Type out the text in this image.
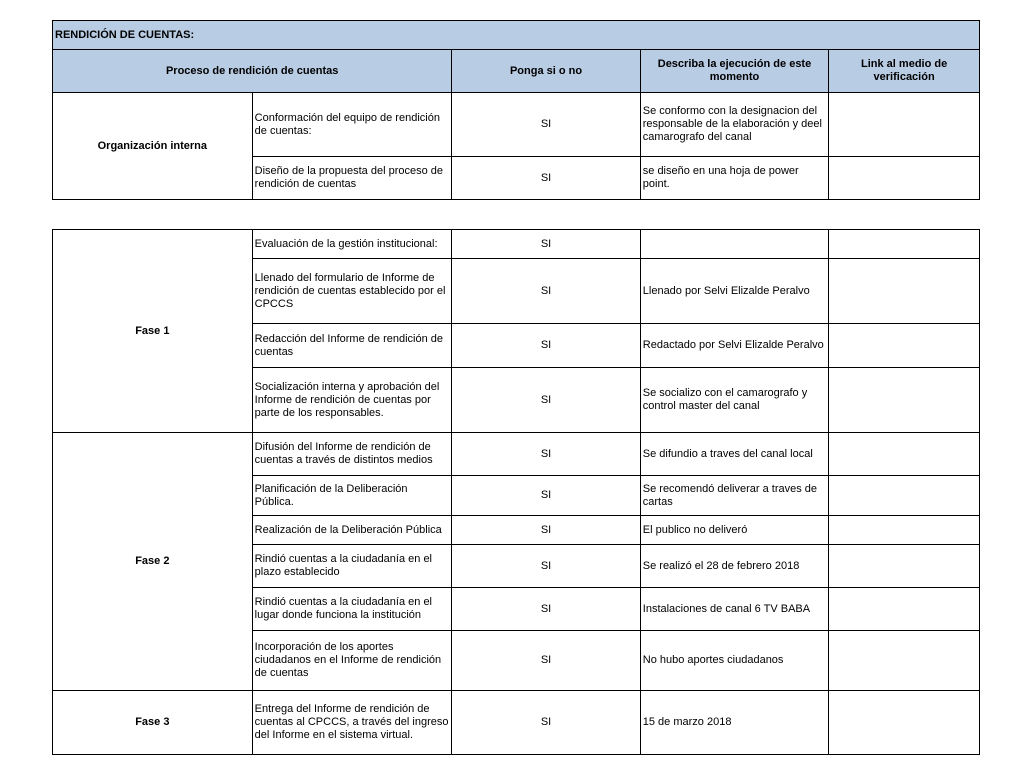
RENDICIÓN DE CUENTAS:				
Proceso de rendición de cuentas		Ponga si o no	Describa la ejecución de este momento	Link al medio de verificación
Organización interna	Conformación del equipo de rendición de cuentas:	SI	Se conformo con la designacion del responsable de la elaboración y deel camarografo del canal	
	Diseño de la propuesta del proceso de rendición de cuentas	SI	se diseño en una hoja de power point.	
Fase 1	Evaluación de la gestión institucional:	SI		
	Llenado del formulario de Informe de rendición de cuentas establecido por el CPCCS	SI	Llenado por Selvi Elizalde Peralvo	
	Redacción del Informe de rendición de cuentas	SI	Redactado por Selvi Elizalde Peralvo	
	Socialización interna y aprobación del Informe de rendición de cuentas por parte de los responsables.	SI	Se socializo con el camarografo y control master del canal	
Fase 2	Difusión del Informe de rendición de cuentas a través de distintos medios	SI	Se difundio a traves del canal local	
	Planificación de la Deliberación Pública.	SI	Se recomendó deliverar a traves de cartas	
	Realización de la Deliberación Pública	SI	El publico no deliveró	
	Rindió cuentas a la ciudadanía en el plazo establecido	SI	Se realizó el 28 de febrero 2018	
	Rindió cuentas a la ciudadanía en el lugar donde funciona la institución	SI	Instalaciones de canal 6 TV BABA	
	Incorporación de los aportes ciudadanos en el Informe de rendición de cuentas	SI	No hubo aportes ciudadanos	
Fase 3	Entrega del Informe de rendición de cuentas al CPCCS, a través del ingreso del Informe en el sistema virtual.	SI	15 de marzo 2018	
